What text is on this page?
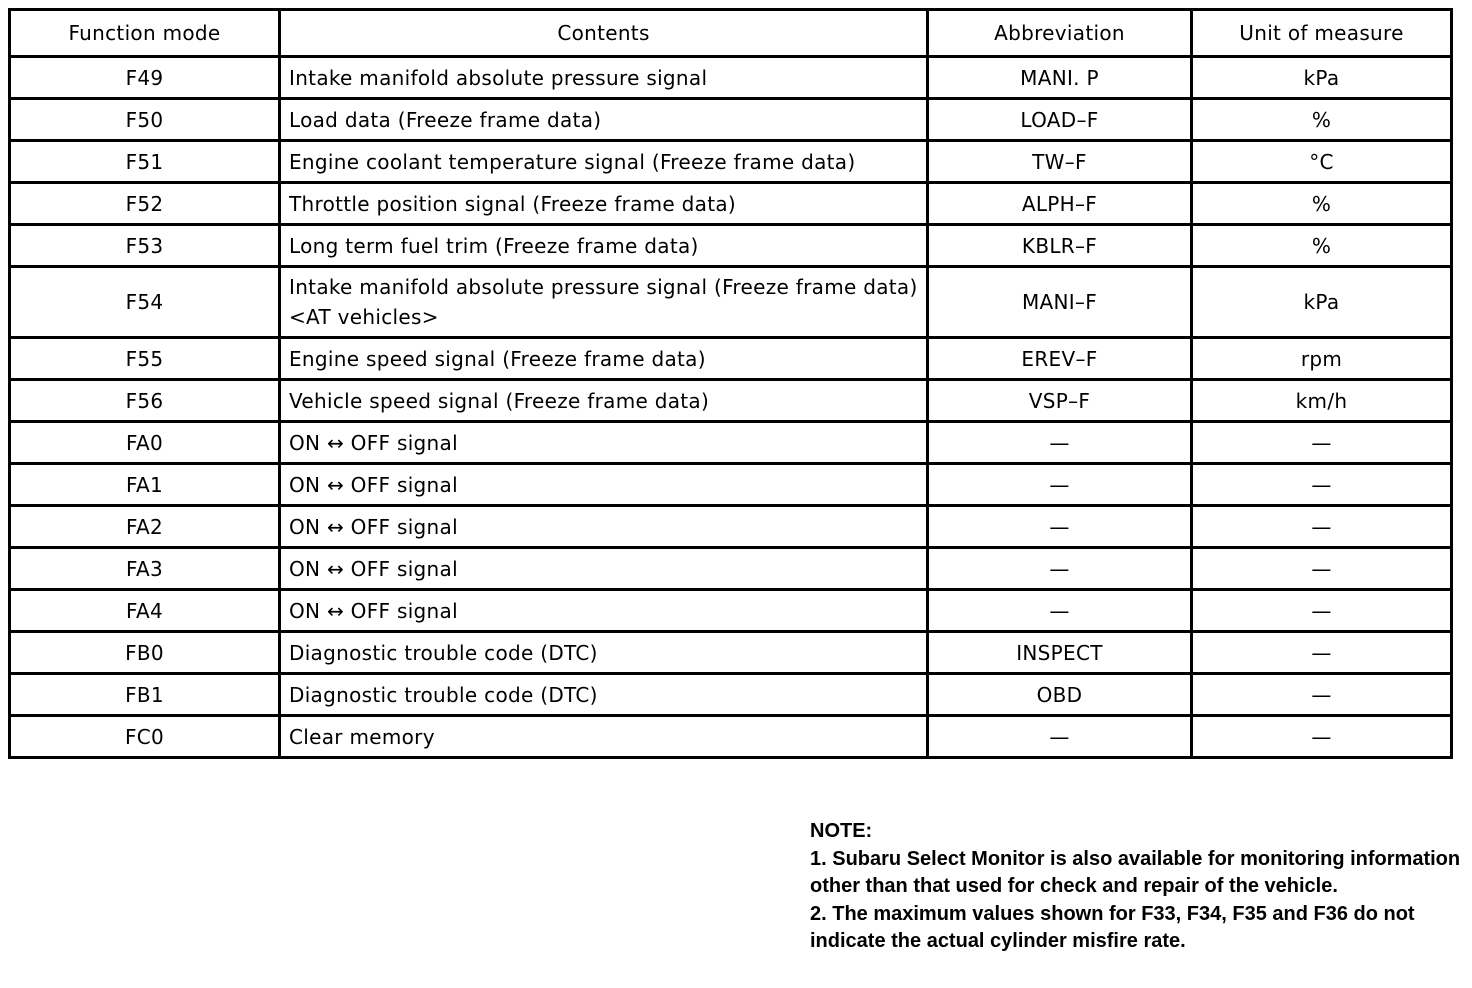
Function mode	Contents	Abbreviation	Unit of measure
F49	Intake manifold absolute pressure signal	MANI. P	kPa
F50	Load data (Freeze frame data)	LOAD–F	%
F51	Engine coolant temperature signal (Freeze frame data)	TW–F	°C
F52	Throttle position signal (Freeze frame data)	ALPH–F	%
F53	Long term fuel trim (Freeze frame data)	KBLR–F	%
F54	Intake manifold absolute pressure signal (Freeze frame data) <AT vehicles>	MANI–F	kPa
F55	Engine speed signal (Freeze frame data)	EREV–F	rpm
F56	Vehicle speed signal (Freeze frame data)	VSP–F	km/h
FA0	ON ↔ OFF signal	—	—
FA1	ON ↔ OFF signal	—	—
FA2	ON ↔ OFF signal	—	—
FA3	ON ↔ OFF signal	—	—
FA4	ON ↔ OFF signal	—	—
FB0	Diagnostic trouble code (DTC)	INSPECT	—
FB1	Diagnostic trouble code (DTC)	OBD	—
FC0	Clear memory	—	—
NOTE:
1. Subaru Select Monitor is also available for monitoring information other than that used for check and repair of the vehicle.
2. The maximum values shown for F33, F34, F35 and F36 do not indicate the actual cylinder misfire rate.
